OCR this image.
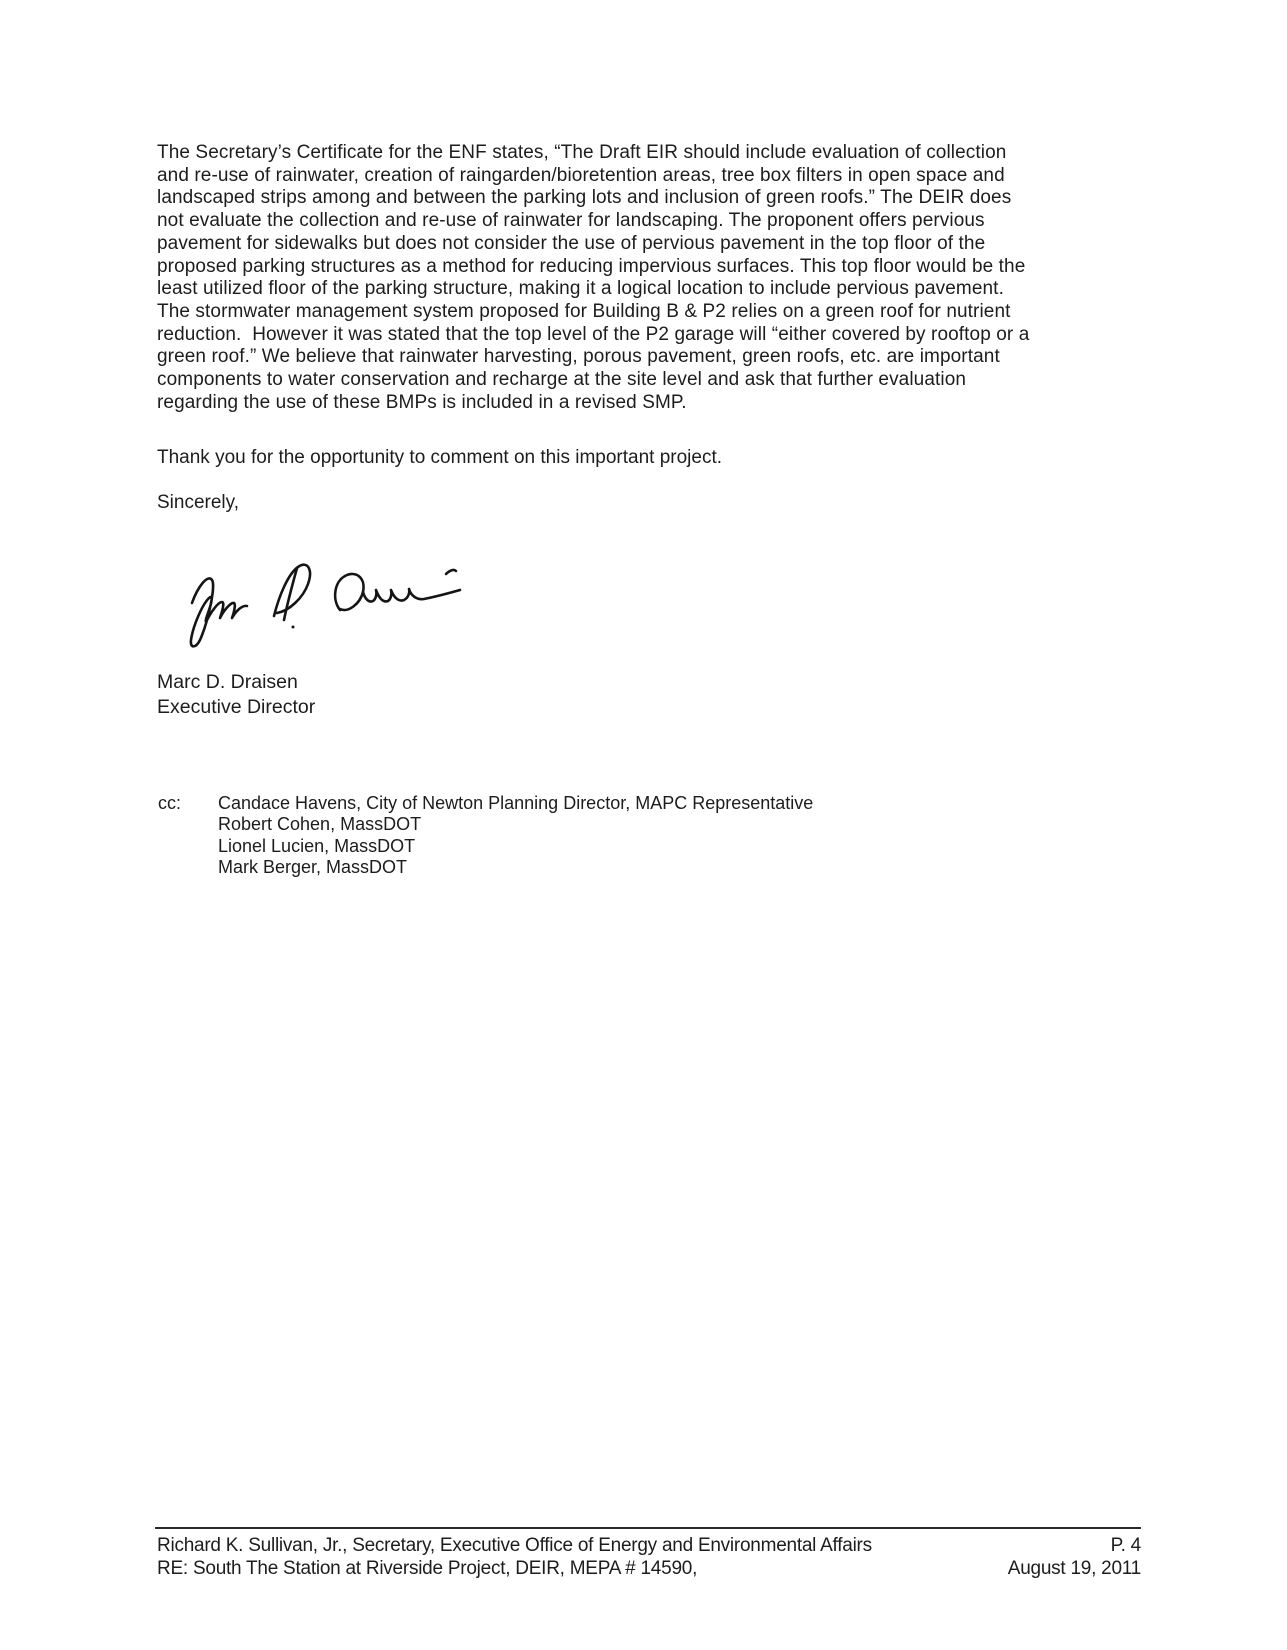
The Secretary’s Certificate for the ENF states, “The Draft EIR should include evaluation of collection
and re-use of rainwater, creation of raingarden/bioretention areas, tree box filters in open space and
landscaped strips among and between the parking lots and inclusion of green roofs.” The DEIR does
not evaluate the collection and re-use of rainwater for landscaping. The proponent offers pervious
pavement for sidewalks but does not consider the use of pervious pavement in the top floor of the
proposed parking structures as a method for reducing impervious surfaces. This top floor would be the
least utilized floor of the parking structure, making it a logical location to include pervious pavement.
The stormwater management system proposed for Building B & P2 relies on a green roof for nutrient
reduction.  However it was stated that the top level of the P2 garage will “either covered by rooftop or a
green roof.” We believe that rainwater harvesting, porous pavement, green roofs, etc. are important
components to water conservation and recharge at the site level and ask that further evaluation
regarding the use of these BMPs is included in a revised SMP.
Thank you for the opportunity to comment on this important project.
Sincerely,
Marc D. Draisen
Executive Director
cc: Candace Havens, City of Newton Planning Director, MAPC Representative
Robert Cohen, MassDOT
Lionel Lucien, MassDOT
Mark Berger, MassDOT
Richard K. Sullivan, Jr., Secretary, Executive Office of Energy and Environmental Affairs	P. 4
RE: South The Station at Riverside Project, DEIR, MEPA # 14590,	August 19, 2011
